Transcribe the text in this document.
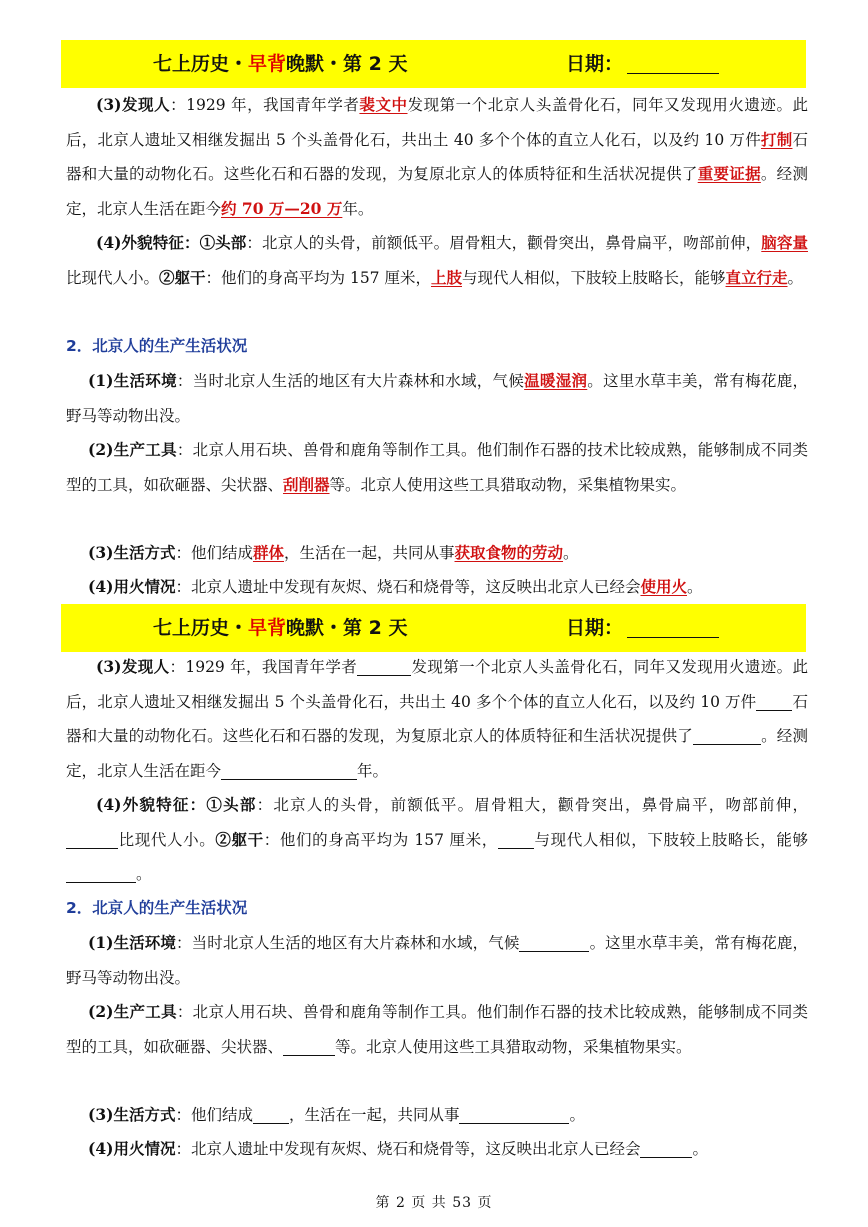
七上历史・早背晚默・第 2 天	日期：
(3)发现人：1929 年，我国青年学者裴文中发现第一个北京人头盖骨化石，同年又发现用火遗迹。此后，北京人遗址又相继发掘出 5 个头盖骨化石，共出土 40 多个个体的直立人化石，以及约 10 万件打制石器和大量的动物化石。这些化石和石器的发现，为复原北京人的体质特征和生活状况提供了重要证据。经测定，北京人生活在距今约 70 万—20 万年。
(4)外貌特征：①头部：北京人的头骨，前额低平。眉骨粗大，颧骨突出，鼻骨扁平，吻部前伸，脑容量比现代人小。②躯干：他们的身高平均为 157 厘米，上肢与现代人相似，下肢较上肢略长，能够直立行走。
2．北京人的生产生活状况
(1)生活环境：当时北京人生活的地区有大片森林和水域，气候温暖湿润。这里水草丰美，常有梅花鹿，野马等动物出没。
(2)生产工具：北京人用石块、兽骨和鹿角等制作工具。他们制作石器的技术比较成熟，能够制成不同类型的工具，如砍砸器、尖状器、刮削器等。北京人使用这些工具猎取动物，采集植物果实。
(3)生活方式：他们结成群体，生活在一起，共同从事获取食物的劳动。
(4)用火情况：北京人遗址中发现有灰烬、烧石和烧骨等，这反映出北京人已经会使用火。
七上历史・早背晚默・第 2 天	日期：
(3)发现人：1929 年，我国青年学者	发现第一个北京人头盖骨化石，同年又发现用火遗迹。此后，北京人遗址又相继发掘出 5 个头盖骨化石，共出土 40 多个个体的直立人化石，以及约 10 万件 石器和大量的动物化石。这些化石和石器的发现，为复原北京人的体质特征和生活状况提供了	。经测定，北京人生活在距今	年。
(4)外貌特征：①头部：北京人的头骨，前额低平。眉骨粗大，颧骨突出，鼻骨扁平，吻部前伸，比现代人小。②躯干：他们的身高平均为 157 厘米， 与现代人相似，下肢较上肢略长，能够。
2．北京人的生产生活状况
(1)生活环境：当时北京人生活的地区有大片森林和水域，气候	。这里水草丰美，常有梅花鹿，野马等动物出没。
(2)生产工具：北京人用石块、兽骨和鹿角等制作工具。他们制作石器的技术比较成熟，能够制成不同类型的工具，如砍砸器、尖状器、	等。北京人使用这些工具猎取动物，采集植物果实。
(3)生活方式：他们结成 ，生活在一起，共同从事	。
(4)用火情况：北京人遗址中发现有灰烬、烧石和烧骨等，这反映出北京人已经会	。
第 2 页 共 53 页
